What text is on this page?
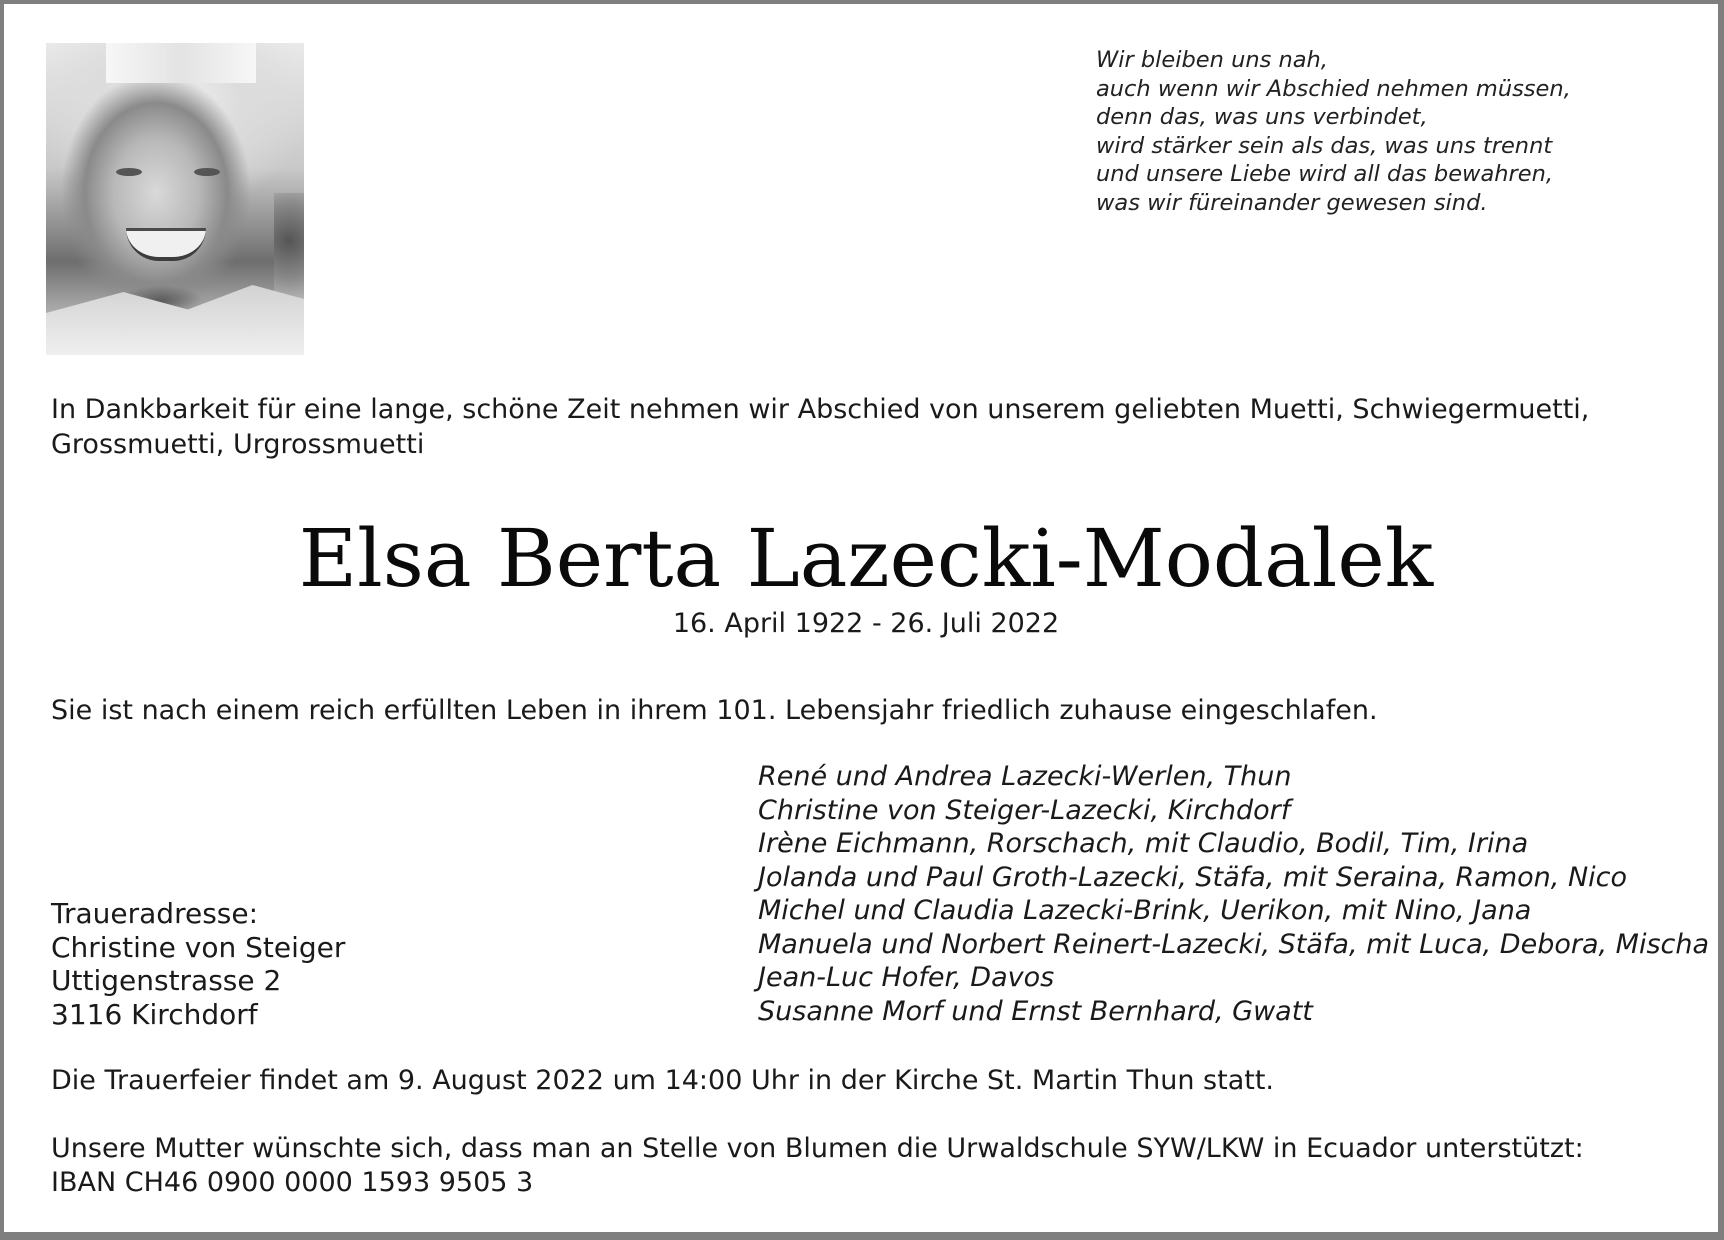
Wir bleiben uns nah,
auch wenn wir Abschied nehmen müssen,
denn das, was uns verbindet,
wird stärker sein als das, was uns trennt
und unsere Liebe wird all das bewahren,
was wir füreinander gewesen sind.
In Dankbarkeit für eine lange, schöne Zeit nehmen wir Abschied von unserem geliebten Muetti, Schwiegermuetti,
Grossmuetti, Urgrossmuetti
Elsa Berta Lazecki-Modalek
16. April 1922 - 26. Juli 2022
Sie ist nach einem reich erfüllten Leben in ihrem 101. Lebensjahr friedlich zuhause eingeschlafen.
René und Andrea Lazecki-Werlen, Thun
Christine von Steiger-Lazecki, Kirchdorf
Irène Eichmann, Rorschach, mit Claudio, Bodil, Tim, Irina
Jolanda und Paul Groth-Lazecki, Stäfa, mit Seraina, Ramon, Nico
Michel und Claudia Lazecki-Brink, Uerikon, mit Nino, Jana
Manuela und Norbert Reinert-Lazecki, Stäfa, mit Luca, Debora, Mischa
Jean-Luc Hofer, Davos
Susanne Morf und Ernst Bernhard, Gwatt
Traueradresse:
Christine von Steiger
Uttigenstrasse 2
3116 Kirchdorf
Die Trauerfeier findet am 9. August 2022 um 14:00 Uhr in der Kirche St. Martin Thun statt.
Unsere Mutter wünschte sich, dass man an Stelle von Blumen die Urwaldschule SYW/LKW in Ecuador unterstützt:
IBAN CH46 0900 0000 1593 9505 3
